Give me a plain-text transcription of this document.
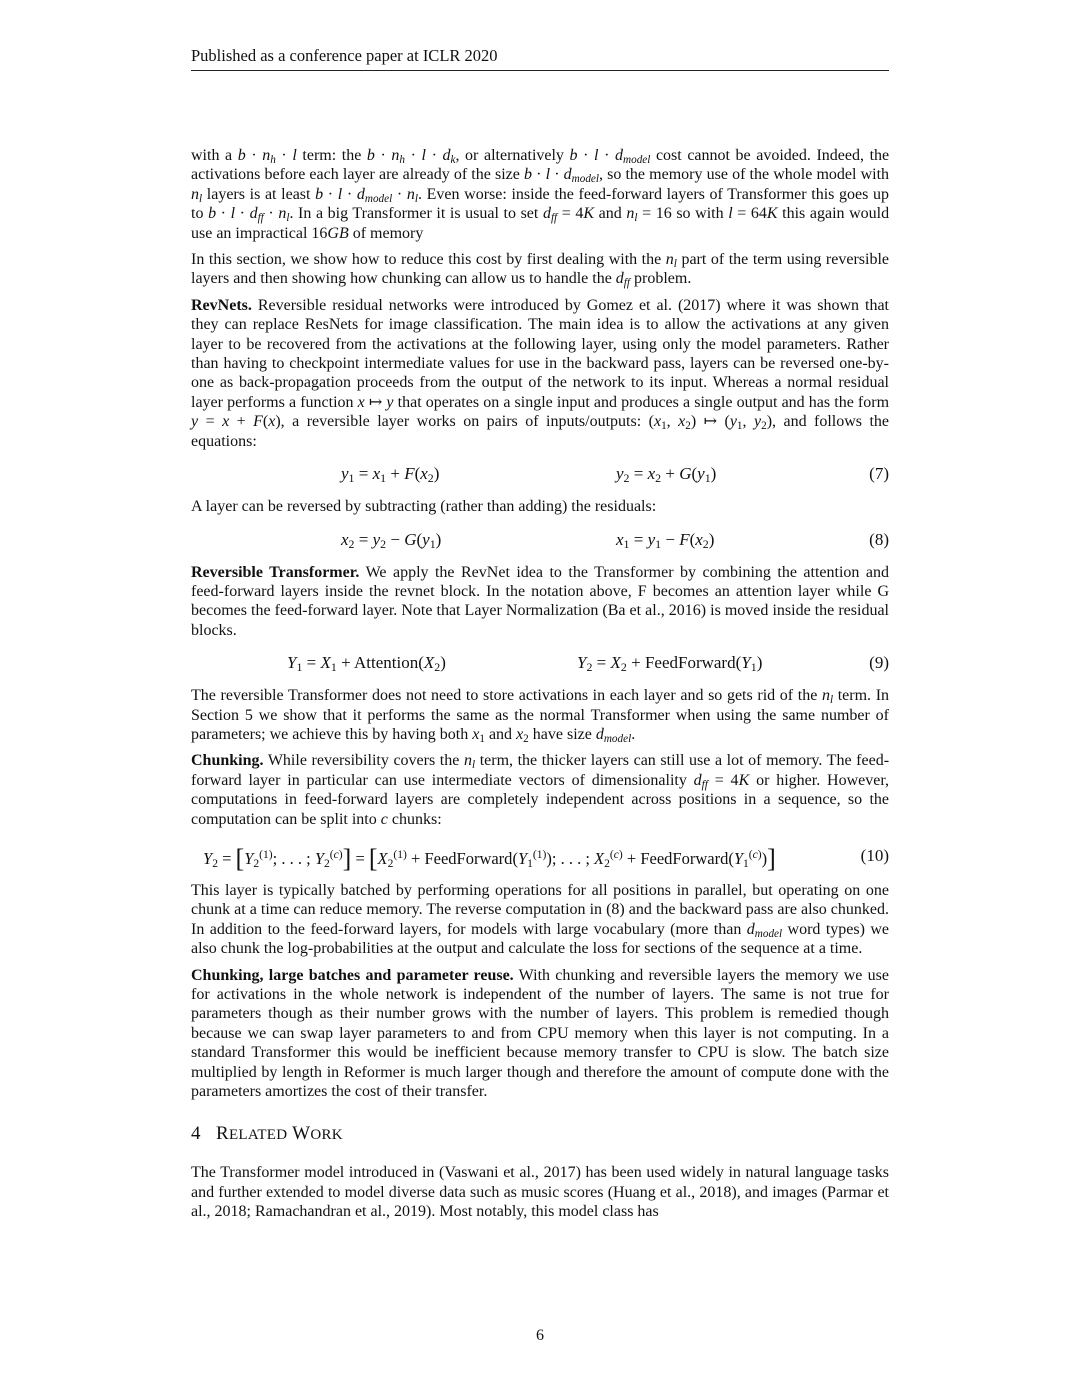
Published as a conference paper at ICLR 2020

with a $b \cdot n_h \cdot l$ term: the $b \cdot n_h \cdot l \cdot d_k$, or alternatively $b \cdot l \cdot d_{model}$ cost cannot be avoided. Indeed, the activations before each layer are already of the size $b \cdot l \cdot d_{model}$, so the memory use of the whole model with $n_l$ layers is at least $b \cdot l \cdot d_{model} \cdot n_l$. Even worse: inside the feed-forward layers of Transformer this goes up to $b \cdot l \cdot d_{ff} \cdot n_l$. In a big Transformer it is usual to set $d_{ff} = 4K$ and $n_l = 16$ so with l = 64K this again would use an impractical 16GB of memory

In this section, we show how to reduce this cost by first dealing with the $n_l$ part of the term using reversible layers and then showing how chunking can allow us to handle the $d_{ff}$ problem.

RevNets. Reversible residual networks were introduced by Gomez et al. (2017) where it was shown that they can replace ResNets for image classification. The main idea is to allow the activations at any given layer to be recovered from the activations at the following layer, using only the model parameters. Rather than having to checkpoint intermediate values for use in the backward pass, layers can be reversed one-by-one as back-propagation proceeds from the output of the network to its input. Whereas a normal residual layer performs a function x ↦ y that operates on a single input and produces a single output and has the form y = x + F(x), a reversible layer works on pairs of inputs/outputs: ($x_1$, $x_2$) ↦ ($y_1$, $y_2$), and follows the equations:

$y_1 = x_1 + F(x_2)$	$y_2 = x_2 + G(y_1)$	(7)

A layer can be reversed by subtracting (rather than adding) the residuals:

$x_2 = y_2 - G(y_1)$	$x_1 = y_1 - F(x_2)$	(8)

Reversible Transformer. We apply the RevNet idea to the Transformer by combining the attention and feed-forward layers inside the revnet block. In the notation above, F becomes an attention layer while G becomes the feed-forward layer. Note that Layer Normalization (Ba et al., 2016) is moved inside the residual blocks.

$Y_1 = X_1$ + $Attention(X_2)$	$Y_2 = X_2$ + $FeedForward(Y_1)$	(9)

The reversible Transformer does not need to store activations in each layer and so gets rid of the $n_l$ term. In Section 5 we show that it performs the same as the normal Transformer when using the same number of parameters; we achieve this by having both $x_1$ and $x_2$ have size $d_{model}$.

Chunking. While reversibility covers the $n_l$ term, the thicker layers can still use a lot of memory. The feed-forward layer in particular can use intermediate vectors of dimensionality $d_{ff} = 4K$ or higher. However, computations in feed-forward layers are completely independent across positions in a sequence, so the computation can be split into c chunks:

$Y_2 = [Y_2^{(1)}$; . . . ; $Y_2^{(c)}] = [X_2^{(1)}$ + $FeedForward(Y_1^{(1)})$; . . . ; $X_2^{(c)}$ + $FeedForward(Y_1^{(c)})$]	(10)

This layer is typically batched by performing operations for all positions in parallel, but operating on one chunk at a time can reduce memory. The reverse computation in (8) and the backward pass are also chunked. In addition to the feed-forward layers, for models with large vocabulary (more than $d_{model}$ word types) we also chunk the log-probabilities at the output and calculate the loss for sections of the sequence at a time.

Chunking, large batches and parameter reuse. With chunking and reversible layers the memory we use for activations in the whole network is independent of the number of layers. The same is not true for parameters though as their number grows with the number of layers. This problem is remedied though because we can swap layer parameters to and from CPU memory when this layer is not computing. In a standard Transformer this would be inefficient because memory transfer to CPU is slow. The batch size multiplied by length in Reformer is much larger though and therefore the amount of compute done with the parameters amortizes the cost of their transfer.

4 RELATED WORK

The Transformer model introduced in (Vaswani et al., 2017) has been used widely in natural language tasks and further extended to model diverse data such as music scores (Huang et al., 2018), and images (Parmar et al., 2018; Ramachandran et al., 2019). Most notably, this model class has

6
